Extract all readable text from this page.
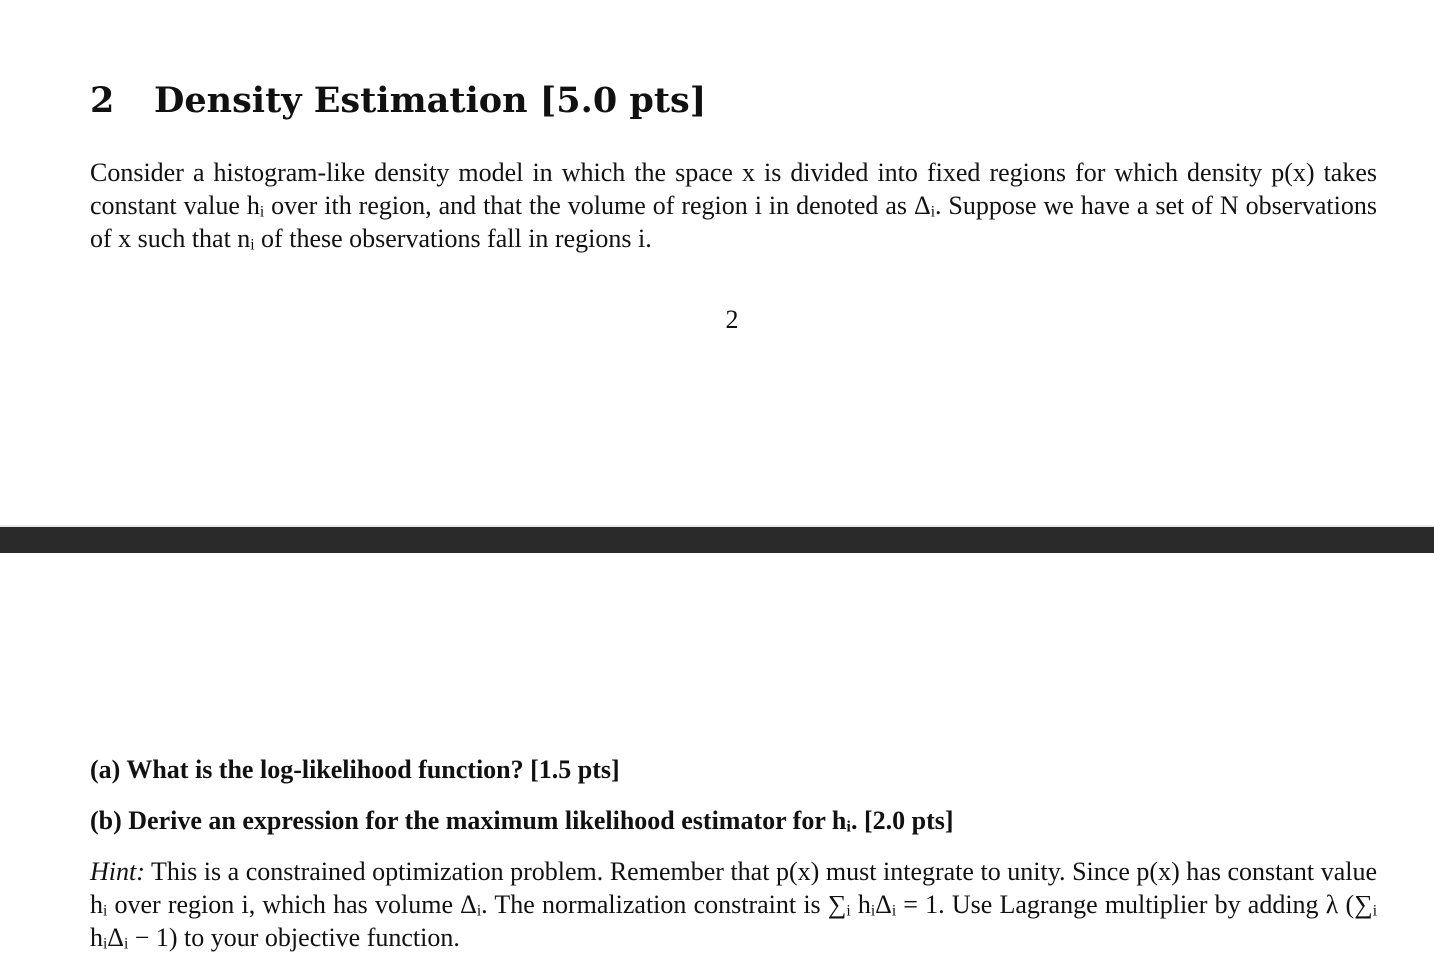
2 Density Estimation [5.0 pts]

Consider a histogram-like density model in which the space x is divided into fixed regions for which density p(x) takes constant value hᵢ over ith region, and that the volume of region i in denoted as Δᵢ. Suppose we have a set of N observations of x such that nᵢ of these observations fall in regions i.

2

(a) What is the log-likelihood function? [1.5 pts]

(b) Derive an expression for the maximum likelihood estimator for hᵢ. [2.0 pts]

Hint: This is a constrained optimization problem. Remember that p(x) must integrate to unity. Since p(x) has constant value hᵢ over region i, which has volume Δᵢ. The normalization constraint is ∑ᵢ hᵢΔᵢ = 1. Use Lagrange multiplier by adding λ (∑ᵢ hᵢΔᵢ − 1) to your objective function.
